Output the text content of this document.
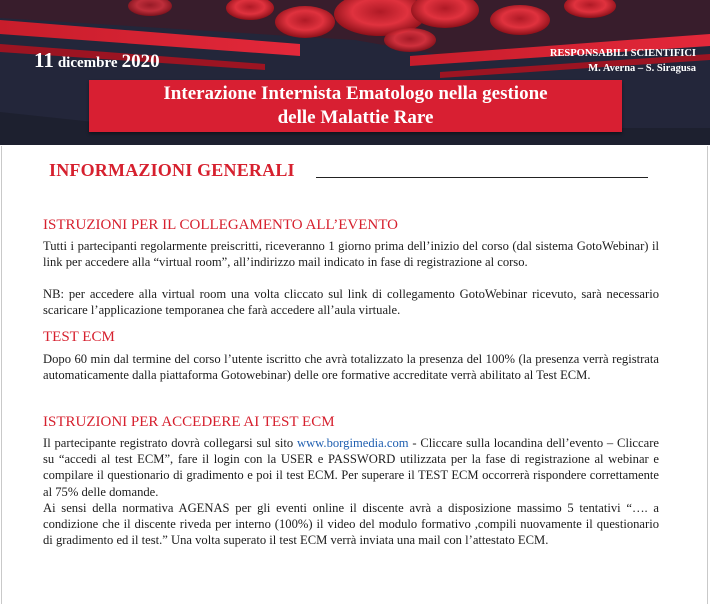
11 dicembre 2020	RESPONSABILI SCIENTIFICI
M. Averna – S. Siragusa
Interazione Internista Ematologo nella gestione
delle Malattie Rare
INFORMAZIONI GENERALI
ISTRUZIONI PER IL COLLEGAMENTO ALL’EVENTO

Tutti i partecipanti regolarmente preiscritti, riceveranno 1 giorno prima dell’inizio del corso (dal sistema GotoWebinar) il link per accedere alla “virtual room”, all’indirizzo mail indicato in fase di registrazione al corso.

NB: per accedere alla virtual room una volta cliccato sul link di collegamento GotoWebinar ricevuto, sarà necessario scaricare l’applicazione temporanea che farà accedere all’aula virtuale.

TEST ECM

Dopo 60 min dal termine del corso l’utente iscritto che avrà totalizzato la presenza del 100% (la presenza verrà registrata automaticamente dalla piattaforma Gotowebinar) delle ore formative accreditate verrà abilitato al Test ECM.

ISTRUZIONI PER ACCEDERE AI TEST ECM

Il partecipante registrato dovrà collegarsi sul sito www.borgimedia.com - Cliccare sulla locandina dell’evento – Cliccare su “accedi al test ECM”, fare il login con la USER e PASSWORD utilizzata per la fase di registrazione al webinar e compilare il questionario di gradimento e poi il test ECM. Per superare il TEST ECM occorrerà rispondere correttamente al 75% delle domande.

Ai sensi della normativa AGENAS per gli eventi online il discente avrà a disposizione massimo 5 tentativi “…. a condizione che il discente riveda per interno (100%) il video del modulo formativo ,compili nuovamente il questionario di gradimento ed il test.” Una volta superato il test ECM verrà inviata una mail con l’attestato ECM.
